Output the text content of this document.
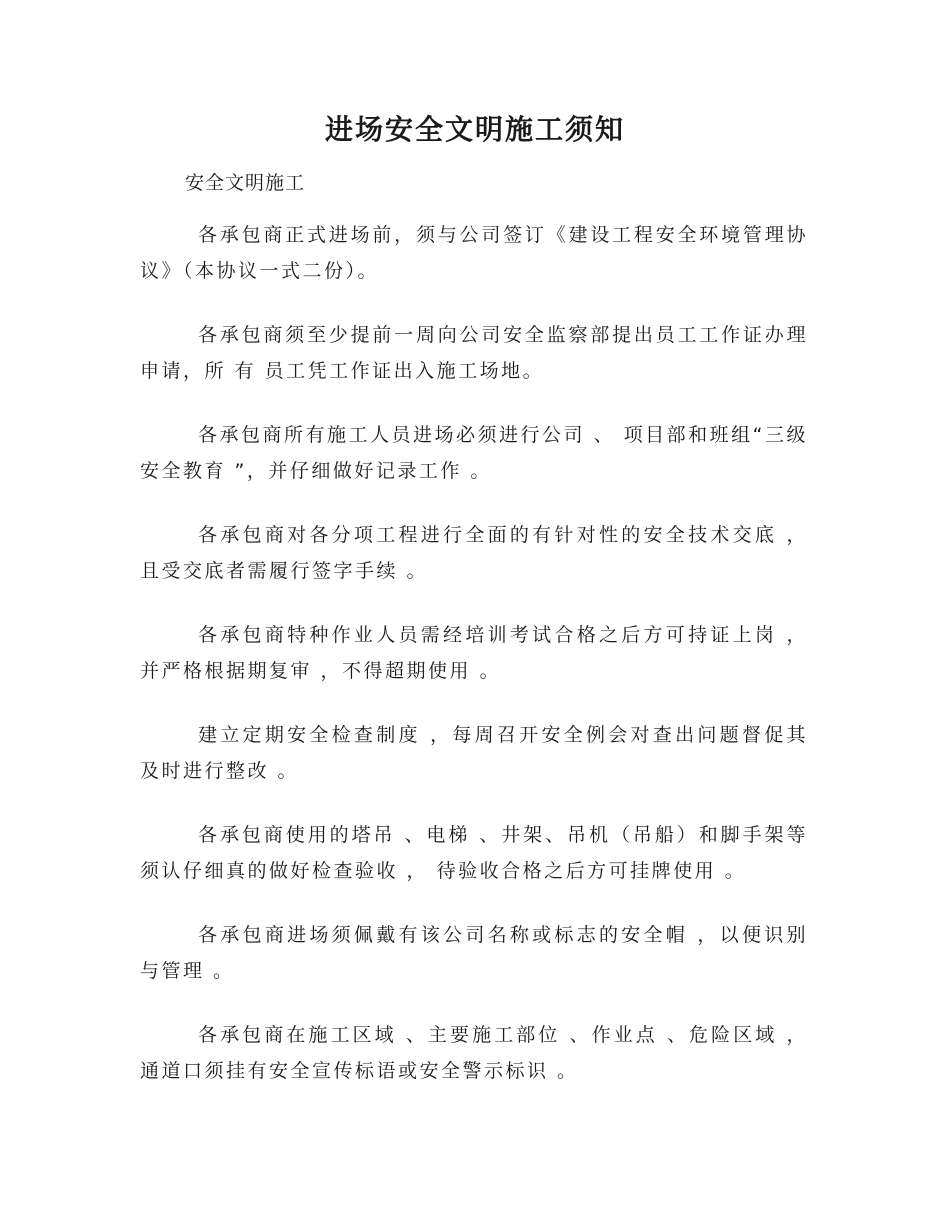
进场安全文明施工须知

安全文明施工

各承包商正式进场前，须与公司签订《建设工程安全环境管理协议》（本协议一式二份）。

各承包商须至少提前一周向公司安全监察部提出员工工作证办理申请，所 有 员工凭工作证出入施工场地。

各承包商所有施工人员进场必须进行公司 、 项目部和班组“三级安全教育 ”，并仔细做好记录工作 。

各承包商对各分项工程进行全面的有针对性的安全技术交底 ，且受交底者需履行签字手续 。

各承包商特种作业人员需经培训考试合格之后方可持证上岗 ，并严格根据期复审 ，不得超期使用 。

建立定期安全检查制度 ，每周召开安全例会对查出问题督促其及时进行整改 。

各承包商使用的塔吊 、电梯 、井架、吊机（吊船）和脚手架等须认仔细真的做好检查验收 ， 待验收合格之后方可挂牌使用 。

各承包商进场须佩戴有该公司名称或标志的安全帽 ，以便识别与管理 。

各承包商在施工区域 、主要施工部位 、作业点 、危险区域 ，通道口须挂有安全宣传标语或安全警示标识 。
